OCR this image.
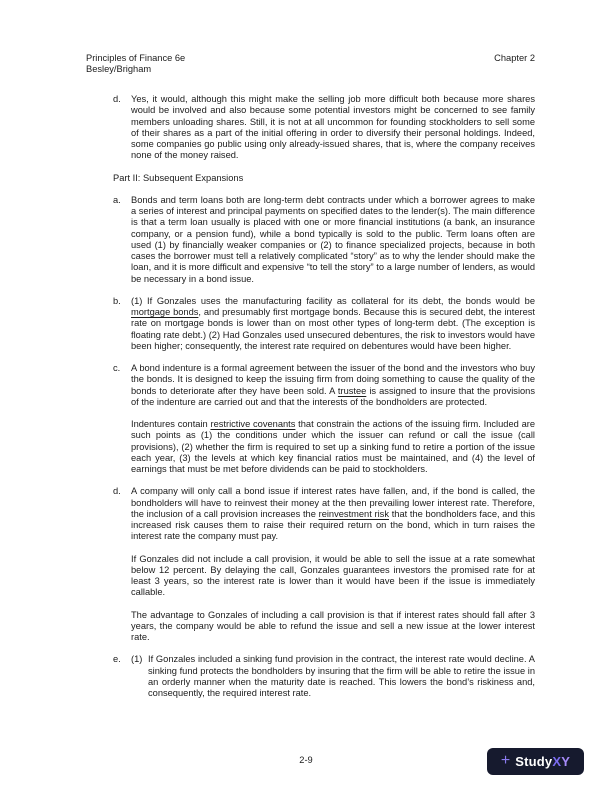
Principles of Finance 6e
Besley/Brigham
Chapter 2
d. Yes, it would, although this might make the selling job more difficult both because more shares would be involved and also because some potential investors might be concerned to see family members unloading shares. Still, it is not at all uncommon for founding stockholders to sell some of their shares as a part of the initial offering in order to diversify their personal holdings. Indeed, some companies go public using only already-issued shares, that is, where the company receives none of the money raised.

Part II: Subsequent Expansions

a. Bonds and term loans both are long-term debt contracts under which a borrower agrees to make a series of interest and principal payments on specified dates to the lender(s). The main difference is that a term loan usually is placed with one or more financial institutions (a bank, an insurance company, or a pension fund), while a bond typically is sold to the public. Term loans often are used (1) by financially weaker companies or (2) to finance specialized projects, because in both cases the borrower must tell a relatively complicated “story” as to why the lender should make the loan, and it is more difficult and expensive “to tell the story” to a large number of lenders, as would be necessary in a bond issue.

b. (1) If Gonzales uses the manufacturing facility as collateral for its debt, the bonds would be mortgage bonds, and presumably first mortgage bonds. Because this is secured debt, the interest rate on mortgage bonds is lower than on most other types of long-term debt. (The exception is floating rate debt.) (2) Had Gonzales used unsecured debentures, the risk to investors would have been higher; consequently, the interest rate required on debentures would have been higher.

c. A bond indenture is a formal agreement between the issuer of the bond and the investors who buy the bonds. It is designed to keep the issuing firm from doing something to cause the quality of the bonds to deteriorate after they have been sold. A trustee is assigned to insure that the provisions of the indenture are carried out and that the interests of the bondholders are protected.

Indentures contain restrictive covenants that constrain the actions of the issuing firm. Included are such points as (1) the conditions under which the issuer can refund or call the issue (call provisions), (2) whether the firm is required to set up a sinking fund to retire a portion of the issue each year, (3) the levels at which key financial ratios must be maintained, and (4) the level of earnings that must be met before dividends can be paid to stockholders.

d. A company will only call a bond issue if interest rates have fallen, and, if the bond is called, the bondholders will have to reinvest their money at the then prevailing lower interest rate. Therefore, the inclusion of a call provision increases the reinvestment risk that the bondholders face, and this increased risk causes them to raise their required return on the bond, which in turn raises the interest rate the company must pay.

If Gonzales did not include a call provision, it would be able to sell the issue at a rate somewhat below 12 percent. By delaying the call, Gonzales guarantees investors the promised rate for at least 3 years, so the interest rate is lower than it would have been if the issue is immediately callable.

The advantage to Gonzales of including a call provision is that if interest rates should fall after 3 years, the company would be able to refund the issue and sell a new issue at the lower interest rate.

e. (1) If Gonzales included a sinking fund provision in the contract, the interest rate would decline. A sinking fund protects the bondholders by insuring that the firm will be able to retire the issue in an orderly manner when the maturity date is reached. This lowers the bond’s riskiness and, consequently, the required interest rate.

2-9	+ StudyXY
